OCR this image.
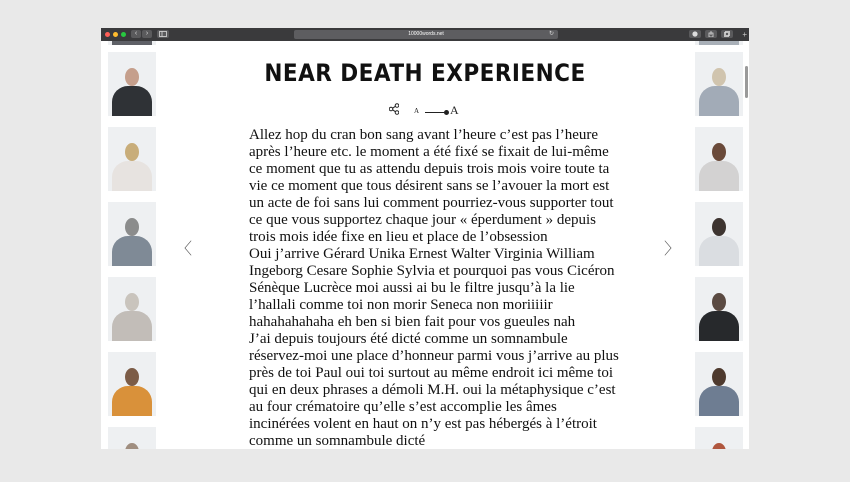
‹	›	10000words.net	↻	+
〈	〉
NEAR DEATH EXPERIENCE
A	A
Allez hop du cran bon sang avant l’heure c’est pas l’heure
après l’heure etc. le moment a été fixé se fixait de lui-même
ce moment que tu as attendu depuis trois mois voire toute ta
vie ce moment que tous désirent sans se l’avouer la mort est
un acte de foi sans lui comment pourriez-vous supporter tout
ce que vous supportez chaque jour « éperdument » depuis
trois mois idée fixe en lieu et place de l’obsession
Oui j’arrive Gérard Unika Ernest Walter Virginia William
Ingeborg Cesare Sophie Sylvia et pourquoi pas vous Cicéron
Sénèque Lucrèce moi aussi ai bu le filtre jusqu’à la lie
l’hallali comme toi non morir Seneca non moriiiiir
hahahahahaha eh ben si bien fait pour vos gueules nah
J’ai depuis toujours été dicté comme un somnambule
réservez-moi une place d’honneur parmi vous j’arrive au plus
près de toi Paul oui toi surtout au même endroit ici même toi
qui en deux phrases a démoli M.H. oui la métaphysique c’est
au four crématoire qu’elle s’est accomplie les âmes
incinérées volent en haut on n’y est pas hébergés à l’étroit
comme un somnambule dicté
